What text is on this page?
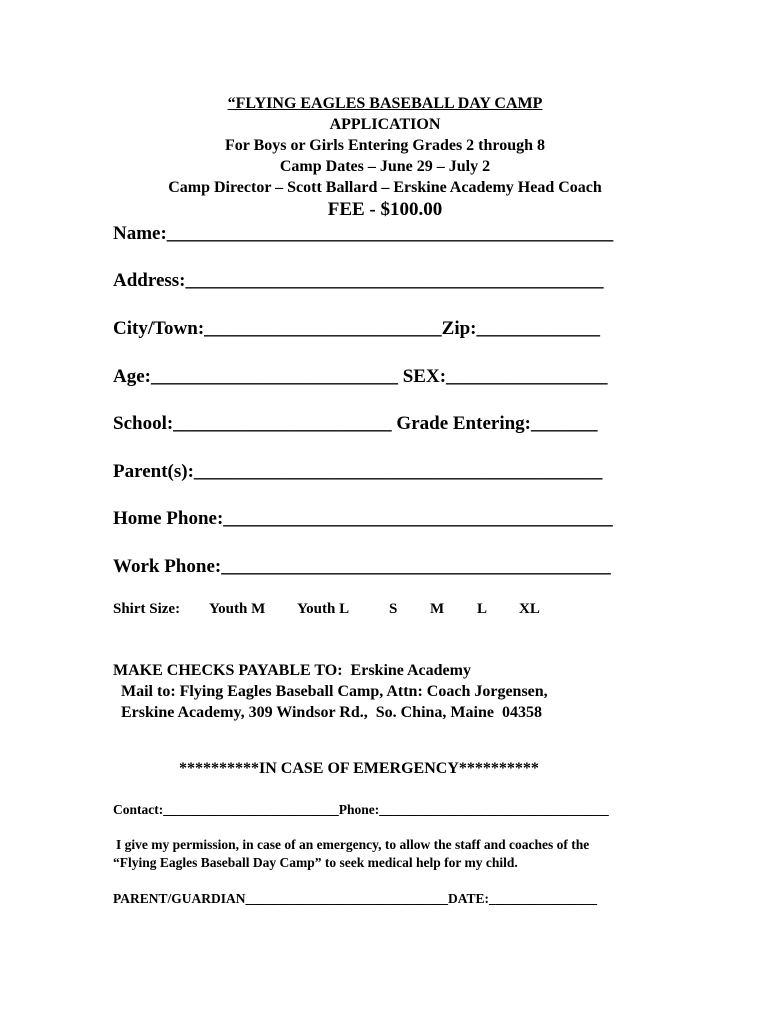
“FLYING EAGLES BASEBALL DAY CAMP
APPLICATION
For Boys or Girls Entering Grades 2 through 8
Camp Dates – June 29 – July 2
Camp Director – Scott Ballard – Erskine Academy Head Coach
FEE - $100.00
Name:_______________________________________________
Address:____________________________________________
City/Town:_________________________Zip:_____________
Age:__________________________ SEX:_________________
School:_______________________ Grade Entering:_______
Parent(s):___________________________________________
Home Phone:_________________________________________
Work Phone:_________________________________________
Shirt Size: Youth M Youth L	S M L XL
MAKE CHECKS PAYABLE TO:  Erskine Academy
Mail to: Flying Eagles Baseball Camp, Attn: Coach Jorgensen,
Erskine Academy, 309 Windsor Rd.,  So. China, Maine  04358
**********IN CASE OF EMERGENCY**********
Contact:__________________________Phone:__________________________________
I give my permission, in case of an emergency, to allow the staff and coaches of the
“Flying Eagles Baseball Day Camp” to seek medical help for my child.
PARENT/GUARDIAN______________________________DATE:________________
